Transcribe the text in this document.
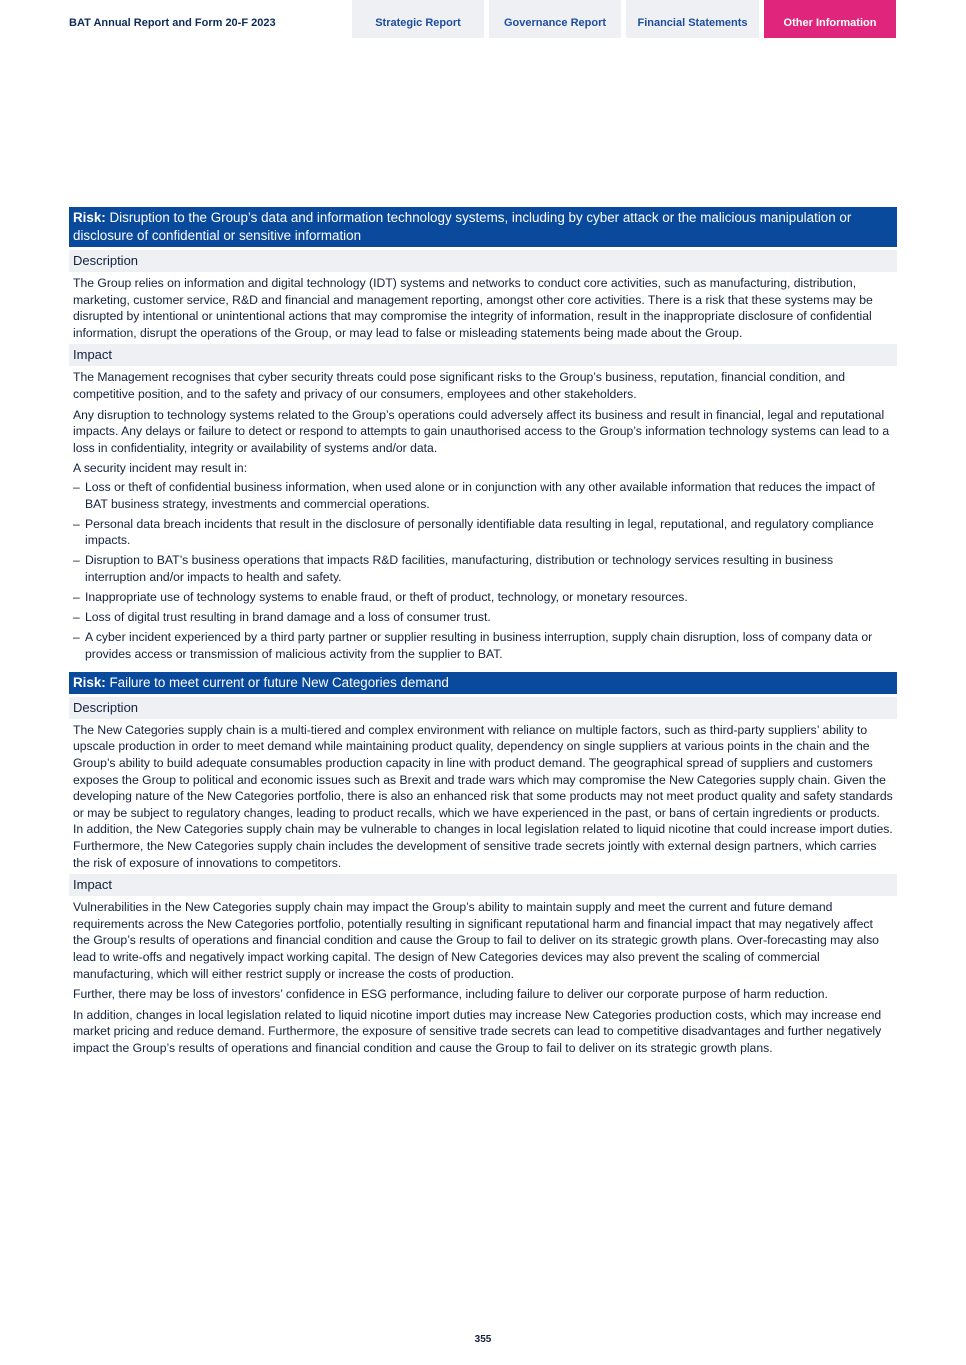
BAT Annual Report and Form 20-F 2023	Strategic Report	Governance Report	Financial Statements	Other Information
Risk: Disruption to the Group’s data and information technology systems, including by cyber attack or the malicious manipulation or disclosure of confidential or sensitive information
Description

The Group relies on information and digital technology (IDT) systems and networks to conduct core activities, such as manufacturing, distribution, marketing, customer service, R&D and financial and management reporting, amongst other core activities. There is a risk that these systems may be disrupted by intentional or unintentional actions that may compromise the integrity of information, result in the inappropriate disclosure of confidential information, disrupt the operations of the Group, or may lead to false or misleading statements being made about the Group.

Impact

The Management recognises that cyber security threats could pose significant risks to the Group’s business, reputation, financial condition, and competitive position, and to the safety and privacy of our consumers, employees and other stakeholders.

Any disruption to technology systems related to the Group’s operations could adversely affect its business and result in financial, legal and reputational impacts. Any delays or failure to detect or respond to attempts to gain unauthorised access to the Group’s information technology systems can lead to a loss in confidentiality, integrity or availability of systems and/or data.

A security incident may result in:

– Loss or theft of confidential business information, when used alone or in conjunction with any other available information that reduces the impact of BAT business strategy, investments and commercial operations.
– Personal data breach incidents that result in the disclosure of personally identifiable data resulting in legal, reputational, and regulatory compliance impacts.
– Disruption to BAT’s business operations that impacts R&D facilities, manufacturing, distribution or technology services resulting in business interruption and/or impacts to health and safety.
– Inappropriate use of technology systems to enable fraud, or theft of product, technology, or monetary resources.
– Loss of digital trust resulting in brand damage and a loss of consumer trust.
– A cyber incident experienced by a third party partner or supplier resulting in business interruption, supply chain disruption, loss of company data or provides access or transmission of malicious activity from the supplier to BAT.
Risk: Failure to meet current or future New Categories demand
Description

The New Categories supply chain is a multi-tiered and complex environment with reliance on multiple factors, such as third-party suppliers’ ability to upscale production in order to meet demand while maintaining product quality, dependency on single suppliers at various points in the chain and the Group’s ability to build adequate consumables production capacity in line with product demand. The geographical spread of suppliers and customers exposes the Group to political and economic issues such as Brexit and trade wars which may compromise the New Categories supply chain. Given the developing nature of the New Categories portfolio, there is also an enhanced risk that some products may not meet product quality and safety standards or may be subject to regulatory changes, leading to product recalls, which we have experienced in the past, or bans of certain ingredients or products. In addition, the New Categories supply chain may be vulnerable to changes in local legislation related to liquid nicotine that could increase import duties. Furthermore, the New Categories supply chain includes the development of sensitive trade secrets jointly with external design partners, which carries the risk of exposure of innovations to competitors.

Impact

Vulnerabilities in the New Categories supply chain may impact the Group’s ability to maintain supply and meet the current and future demand requirements across the New Categories portfolio, potentially resulting in significant reputational harm and financial impact that may negatively affect the Group’s results of operations and financial condition and cause the Group to fail to deliver on its strategic growth plans. Over-forecasting may also lead to write-offs and negatively impact working capital. The design of New Categories devices may also prevent the scaling of commercial manufacturing, which will either restrict supply or increase the costs of production.

Further, there may be loss of investors’ confidence in ESG performance, including failure to deliver our corporate purpose of harm reduction.

In addition, changes in local legislation related to liquid nicotine import duties may increase New Categories production costs, which may increase end market pricing and reduce demand. Furthermore, the exposure of sensitive trade secrets can lead to competitive disadvantages and further negatively impact the Group’s results of operations and financial condition and cause the Group to fail to deliver on its strategic growth plans.

355
